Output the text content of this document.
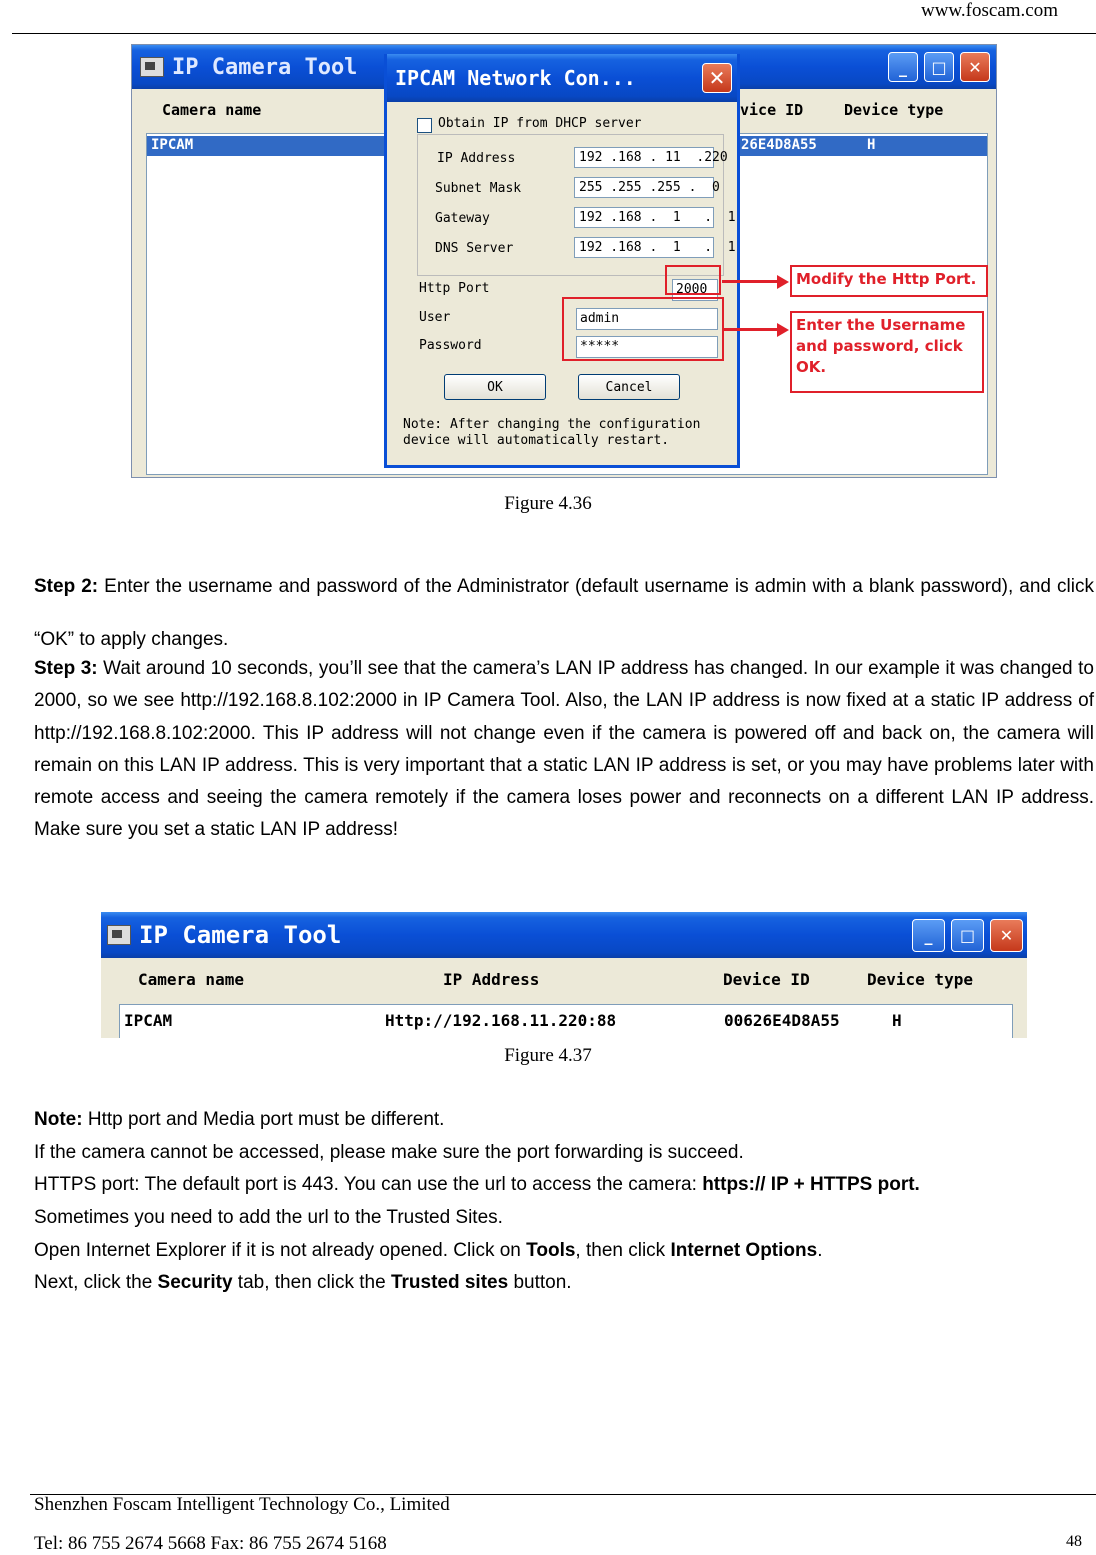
www.foscam.com
IP Camera Tool	_	□	✕
Camera name	vice ID	Device type
IPCAM	26E4D8A55	H
IPCAM Network Con...	✕
Obtain IP from DHCP server
IP Address	192 .168 . 11  .220
Subnet Mask	255 .255 .255 .  0
Gateway	192 .168 .  1   .  1
DNS Server	192 .168 .  1   .  1
Http Port	2000
User	admin
Password	*****
OK	Cancel
Note: After changing the configuration
device will automatically restart.
Modify the Http Port.
Enter the Username and password, click OK.
Figure 4.36

Step 2: Enter the username and password of the Administrator (default username is admin with a blank password), and click “OK” to apply changes.

Step 3: Wait around 10 seconds, you’ll see that the camera’s LAN IP address has changed. In our example it was changed to 2000, so we see http://192.168.8.102:2000 in IP Camera Tool. Also, the LAN IP address is now fixed at a static IP address of http://192.168.8.102:2000. This IP address will not change even if the camera is powered off and back on, the camera will remain on this LAN IP address. This is very important that a static LAN IP address is set, or you may have problems later with remote access and seeing the camera remotely if the camera loses power and reconnects on a different LAN IP address. Make sure you set a static LAN IP address!

IP Camera Tool	_	□	✕
Camera name	IP Address	Device ID	Device type
IPCAM	Http://192.168.11.220:88	00626E4D8A55	H
Figure 4.37
Note: Http port and Media port must be different.
If the camera cannot be accessed, please make sure the port forwarding is succeed.
HTTPS port: The default port is 443. You can use the url to access the camera: https:// IP + HTTPS port.
Sometimes you need to add the url to the Trusted Sites.
Open Internet Explorer if it is not already opened. Click on Tools, then click Internet Options.
Next, click the Security tab, then click the Trusted sites button.
Shenzhen Foscam Intelligent Technology Co., Limited
Tel: 86 755 2674 5668 Fax: 86 755 2674 5168	48
